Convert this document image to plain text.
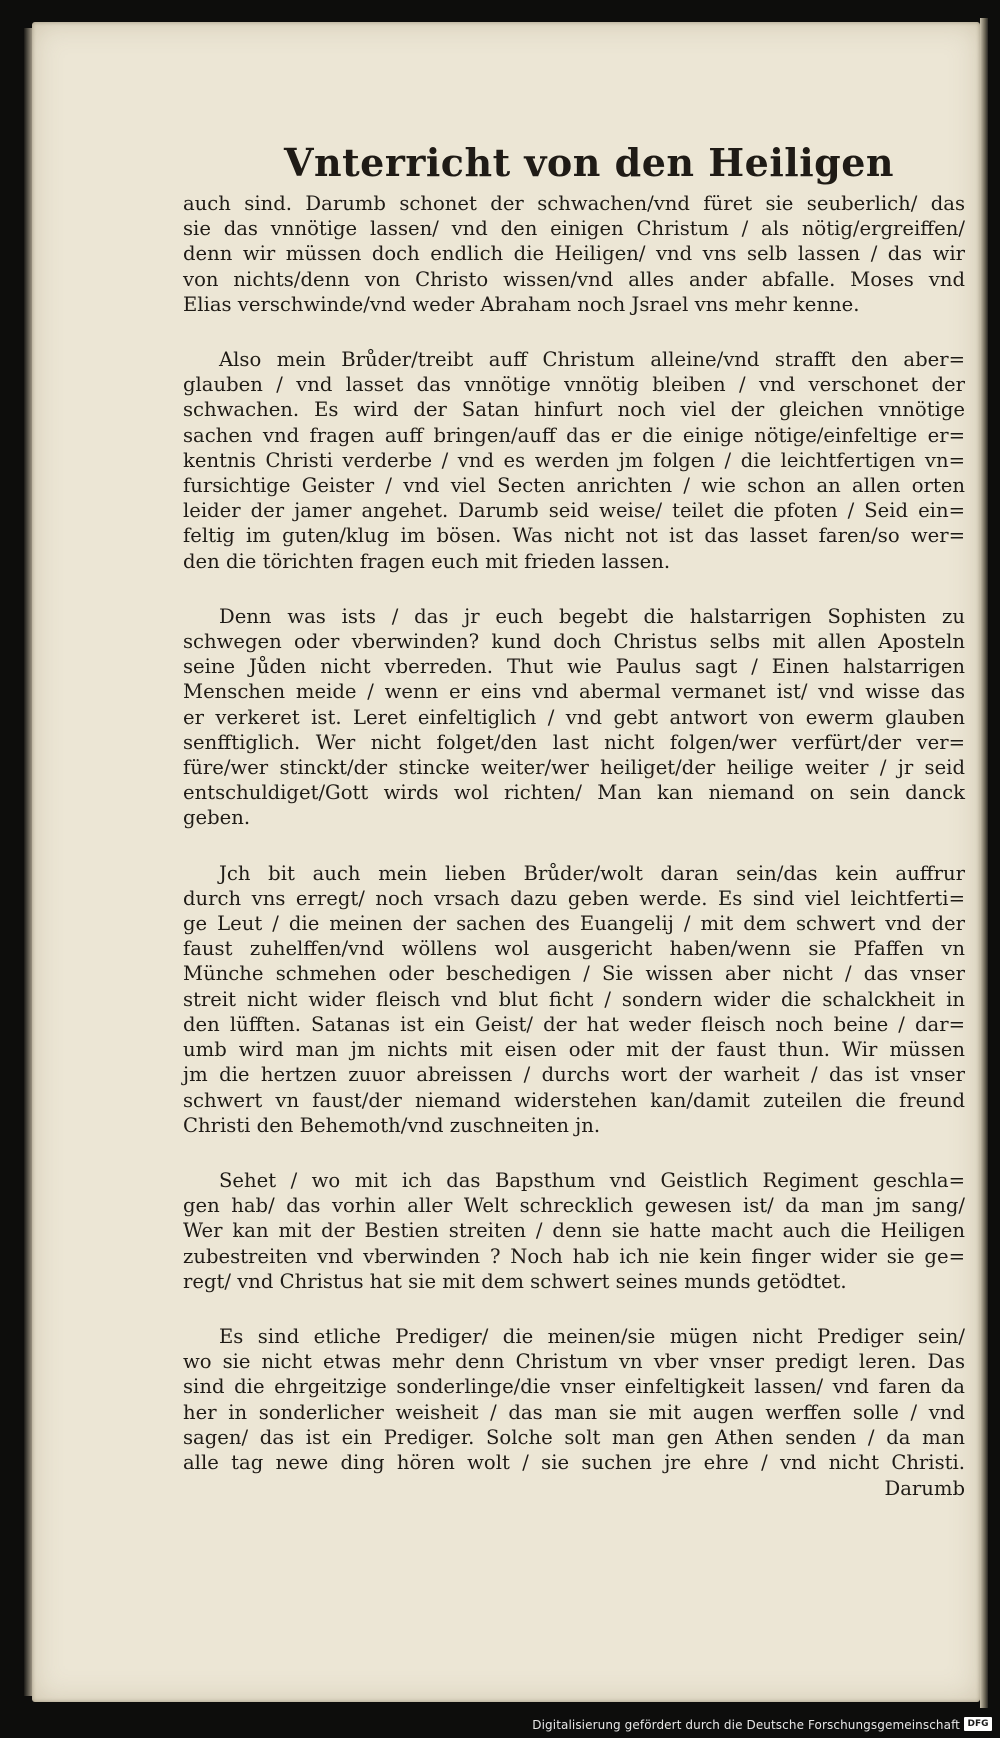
Vnterricht von den Heiligen
auch sind. Darumb schonet der schwachen/vnd füret sie seuberlich/ das
sie das vnnötige lassen/ vnd den einigen Christum / als nötig/ergreiffen/
denn wir müssen doch endlich die Heiligen/ vnd vns selb lassen / das wir
von nichts/denn von Christo wissen/vnd alles ander abfalle. Moses vnd
Elias verschwinde/vnd weder Abraham noch Jsrael vns mehr kenne.
Also mein Brůder/treibt auff Christum alleine/vnd strafft den aber=
glauben / vnd lasset das vnnötige vnnötig bleiben / vnd verschonet der
schwachen. Es wird der Satan hinfurt noch viel der gleichen vnnötige
sachen vnd fragen auff bringen/auff das er die einige nötige/einfeltige er=
kentnis Christi verderbe / vnd es werden jm folgen / die leichtfertigen vn=
fursichtige Geister / vnd viel Secten anrichten / wie schon an allen orten
leider der jamer angehet. Darumb seid weise/ teilet die pfoten / Seid ein=
feltig im guten/klug im bösen. Was nicht not ist das lasset faren/so wer=
den die törichten fragen euch mit frieden lassen.
Denn was ists / das jr euch begebt die halstarrigen Sophisten zu
schwegen oder vberwinden? kund doch Christus selbs mit allen Aposteln
seine Jůden nicht vberreden. Thut wie Paulus sagt / Einen halstarrigen
Menschen meide / wenn er eins vnd abermal vermanet ist/ vnd wisse das
er verkeret ist. Leret einfeltiglich / vnd gebt antwort von ewerm glauben
senfftiglich. Wer nicht folget/den last nicht folgen/wer verfürt/der ver=
füre/wer stinckt/der stincke weiter/wer heiliget/der heilige weiter / jr seid
entschuldiget/Gott wirds wol richten/ Man kan niemand on sein danck
geben.
Jch bit auch mein lieben Brůder/wolt daran sein/das kein auffrur
durch vns erregt/ noch vrsach dazu geben werde. Es sind viel leichtferti=
ge Leut / die meinen der sachen des Euangelij / mit dem schwert vnd der
faust zuhelffen/vnd wöllens wol ausgericht haben/wenn sie Pfaffen vn
Münche schmehen oder beschedigen / Sie wissen aber nicht / das vnser
streit nicht wider fleisch vnd blut ficht / sondern wider die schalckheit in
den lüfften. Satanas ist ein Geist/ der hat weder fleisch noch beine / dar=
umb wird man jm nichts mit eisen oder mit der faust thun. Wir müssen
jm die hertzen zuuor abreissen / durchs wort der warheit / das ist vnser
schwert vn faust/der niemand widerstehen kan/damit zuteilen die freund
Christi den Behemoth/vnd zuschneiten jn.
Sehet / wo mit ich das Bapsthum vnd Geistlich Regiment geschla=
gen hab/ das vorhin aller Welt schrecklich gewesen ist/ da man jm sang/
Wer kan mit der Bestien streiten / denn sie hatte macht auch die Heiligen
zubestreiten vnd vberwinden ? Noch hab ich nie kein finger wider sie ge=
regt/ vnd Christus hat sie mit dem schwert seines munds getödtet.
Es sind etliche Prediger/ die meinen/sie mügen nicht Prediger sein/
wo sie nicht etwas mehr denn Christum vn vber vnser predigt leren. Das
sind die ehrgeitzige sonderlinge/die vnser einfeltigkeit lassen/ vnd faren da
her in sonderlicher weisheit / das man sie mit augen werffen solle / vnd
sagen/ das ist ein Prediger. Solche solt man gen Athen senden / da man
alle tag newe ding hören wolt / sie suchen jre ehre / vnd nicht Christi.
Darumb
Digitalisierung gefördert durch die Deutsche Forschungsgemeinschaft DFG
